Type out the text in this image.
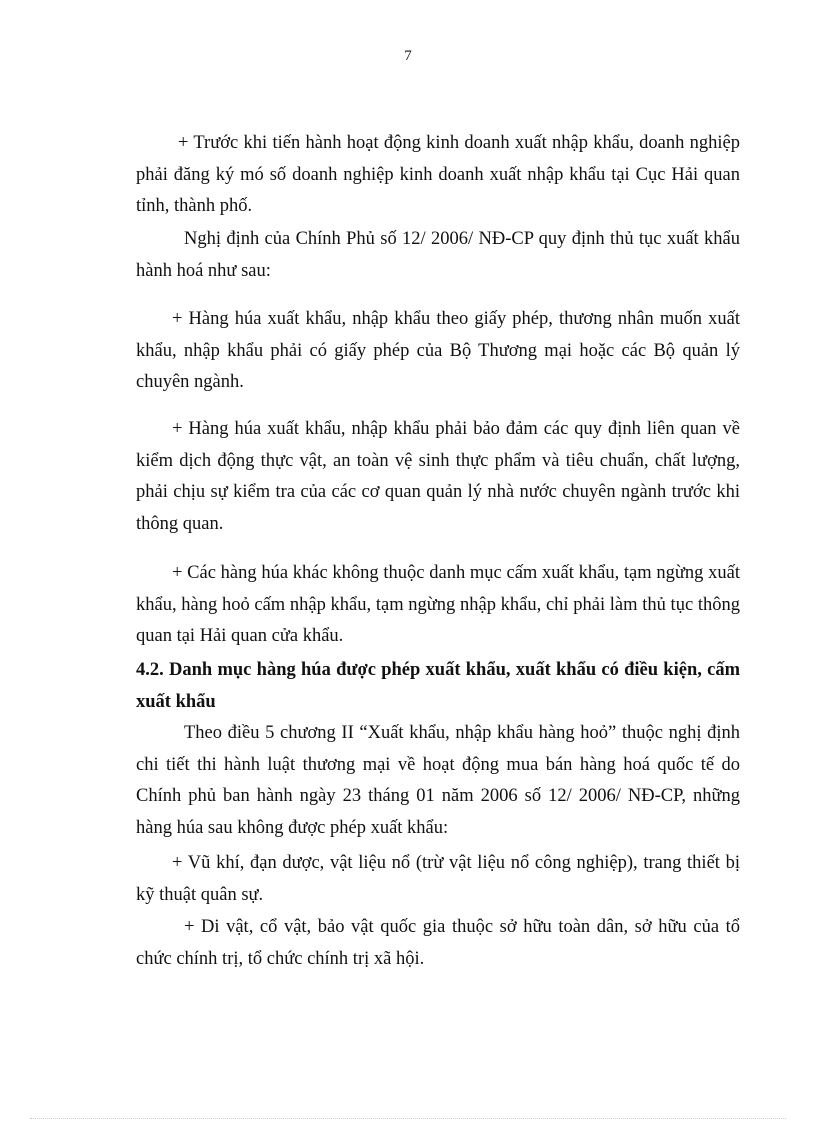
7

+ Trước khi tiến hành hoạt động kinh doanh xuất nhập khẩu, doanh nghiệp phải đăng ký mó số doanh nghiệp kinh doanh xuất nhập khẩu tại Cục Hải quan tỉnh, thành phố.

Nghị định của Chính Phủ số 12/ 2006/ NĐ-CP quy định thủ tục xuất khẩu hành hoá như sau:

+ Hàng húa xuất khẩu, nhập khẩu theo giấy phép, thương nhân muốn xuất khẩu, nhập khẩu phải có giấy phép của Bộ Thương mại hoặc các Bộ quản lý chuyên ngành.

+ Hàng húa xuất khẩu, nhập khẩu phải bảo đảm các quy định liên quan về kiểm dịch động thực vật, an toàn vệ sinh thực phẩm và tiêu chuẩn, chất lượng, phải chịu sự kiểm tra của các cơ quan quản lý nhà nước chuyên ngành trước khi thông quan.

+ Các hàng húa khác không thuộc danh mục cấm xuất khẩu, tạm ngừng xuất khẩu, hàng hoỏ cấm nhập khẩu, tạm ngừng nhập khẩu, chỉ phải làm thủ tục thông quan tại Hải quan cửa khẩu.

4.2. Danh mục hàng húa được phép xuất khẩu, xuất khẩu có điều kiện, cấm xuất khẩu

Theo điều 5 chương II “Xuất khẩu, nhập khẩu hàng hoỏ” thuộc nghị định chi tiết thi hành luật thương mại về hoạt động mua bán hàng hoá quốc tế do Chính phủ ban hành ngày 23 tháng 01 năm 2006 số 12/ 2006/ NĐ-CP, những hàng húa sau không được phép xuất khẩu:

+ Vũ khí, đạn dược, vật liệu nổ (trừ vật liệu nổ công nghiệp), trang thiết bị kỹ thuật quân sự.

+ Di vật, cổ vật, bảo vật quốc gia thuộc sở hữu toàn dân, sở hữu của tổ chức chính trị, tổ chức chính trị xã hội.
